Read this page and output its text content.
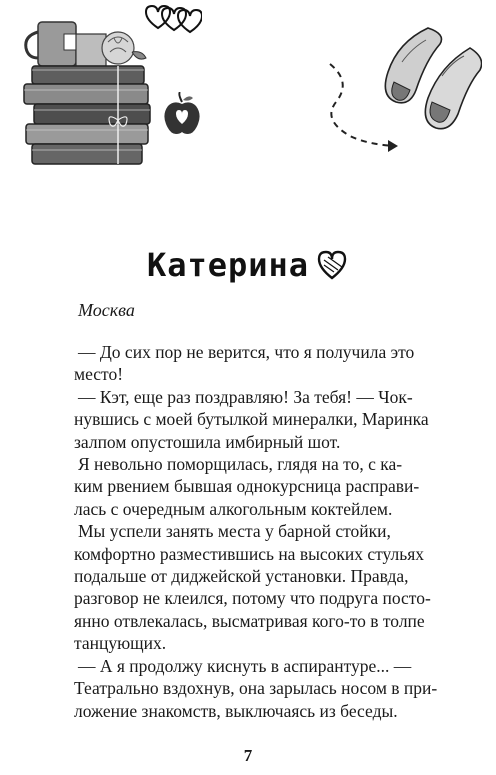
Катерина
Москва

— До сих пор не верится, что я получила это

место!

— Кэт, еще раз поздравляю! За тебя! — Чок-

нувшись с моей бутылкой минералки, Маринка

залпом опустошила имбирный шот.

Я невольно поморщилась, глядя на то, с ка-

ким рвением бывшая однокурсница расправи-

лась с очередным алкогольным коктейлем.

Мы успели занять места у барной стойки,

комфортно разместившись на высоких стульях

подальше от диджейской установки. Правда,

разговор не клеился, потому что подруга посто-

янно отвлекалась, высматривая кого-то в толпе

танцующих.

— А я продолжу киснуть в аспирантуре... —

Театрально вздохнув, она зарылась носом в при-

ложение знакомств, выключаясь из беседы.

7
